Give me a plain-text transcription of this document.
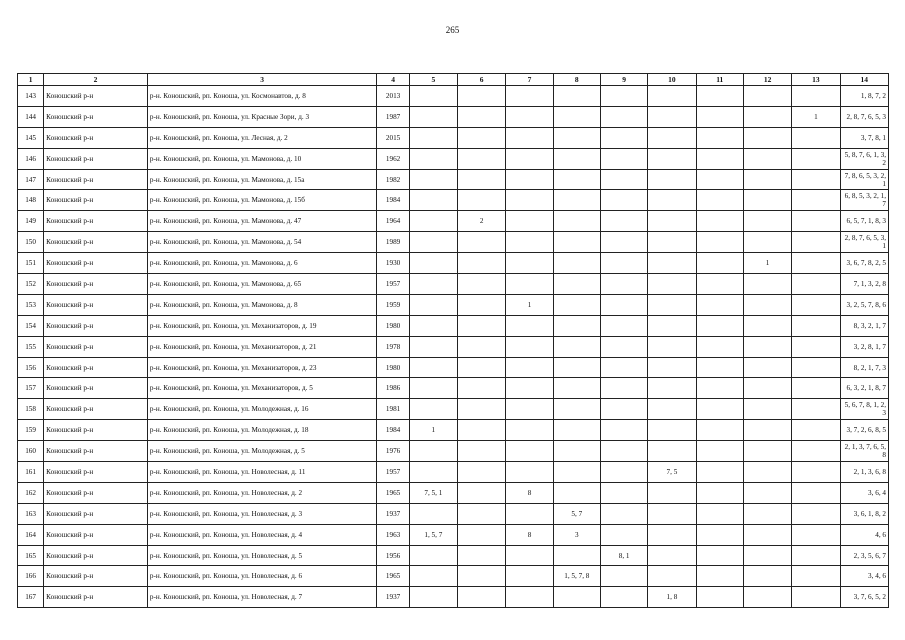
265
1	2	3	4	5	6	7	8	9	10	11	12	13	14
143	Коношский р-н	р-н. Коношский, рп. Коноша, ул. Космонавтов, д. 8	2013										1, 8, 7, 2
144	Коношский р-н	р-н. Коношский, рп. Коноша, ул. Красные Зори, д. 3	1987									1	2, 8, 7, 6, 5, 3
145	Коношский р-н	р-н. Коношский, рп. Коноша, ул. Лесная, д. 2	2015										3, 7, 8, 1
146	Коношский р-н	р-н. Коношский, рп. Коноша, ул. Мамонова, д. 10	1962										5, 8, 7, 6, 1, 3, 2
147	Коношский р-н	р-н. Коношский, рп. Коноша, ул. Мамонова, д. 15а	1982										7, 8, 6, 5, 3, 2, 1
148	Коношский р-н	р-н. Коношский, рп. Коноша, ул. Мамонова, д. 15б	1984										6, 8, 5, 3, 2, 1, 7
149	Коношский р-н	р-н. Коношский, рп. Коноша, ул. Мамонова, д. 47	1964		2								6, 5, 7, 1, 8, 3
150	Коношский р-н	р-н. Коношский, рп. Коноша, ул. Мамонова, д. 54	1989										2, 8, 7, 6, 5, 3, 1
151	Коношский р-н	р-н. Коношский, рп. Коноша, ул. Мамонова, д. 6	1930								1		3, 6, 7, 8, 2, 5
152	Коношский р-н	р-н. Коношский, рп. Коноша, ул. Мамонова, д. 65	1957										7, 1, 3, 2, 8
153	Коношский р-н	р-н. Коношский, рп. Коноша, ул. Мамонова, д. 8	1959			1							3, 2, 5, 7, 8, 6
154	Коношский р-н	р-н. Коношский, рп. Коноша, ул. Механизаторов, д. 19	1980										8, 3, 2, 1, 7
155	Коношский р-н	р-н. Коношский, рп. Коноша, ул. Механизаторов, д. 21	1978										3, 2, 8, 1, 7
156	Коношский р-н	р-н. Коношский, рп. Коноша, ул. Механизаторов, д. 23	1980										8, 2, 1, 7, 3
157	Коношский р-н	р-н. Коношский, рп. Коноша, ул. Механизаторов, д. 5	1986										6, 3, 2, 1, 8, 7
158	Коношский р-н	р-н. Коношский, рп. Коноша, ул. Молодежная, д. 16	1981										5, 6, 7, 8, 1, 2, 3
159	Коношский р-н	р-н. Коношский, рп. Коноша, ул. Молодежная, д. 18	1984	1									3, 7, 2, 6, 8, 5
160	Коношский р-н	р-н. Коношский, рп. Коноша, ул. Молодежная, д. 5	1976										2, 1, 3, 7, 6, 5, 8
161	Коношский р-н	р-н. Коношский, рп. Коноша, ул. Новолесная, д. 11	1957						7, 5				2, 1, 3, 6, 8
162	Коношский р-н	р-н. Коношский, рп. Коноша, ул. Новолесная, д. 2	1965	7, 5, 1		8							3, 6, 4
163	Коношский р-н	р-н. Коношский, рп. Коноша, ул. Новолесная, д. 3	1937				5, 7						3, 6, 1, 8, 2
164	Коношский р-н	р-н. Коношский, рп. Коноша, ул. Новолесная, д. 4	1963	1, 5, 7		8	3						4, 6
165	Коношский р-н	р-н. Коношский, рп. Коноша, ул. Новолесная, д. 5	1956					8, 1					2, 3, 5, 6, 7
166	Коношский р-н	р-н. Коношский, рп. Коноша, ул. Новолесная, д. 6	1965				1, 5, 7, 8						3, 4, 6
167	Коношский р-н	р-н. Коношский, рп. Коноша, ул. Новолесная, д. 7	1937						1, 8				3, 7, 6, 5, 2
